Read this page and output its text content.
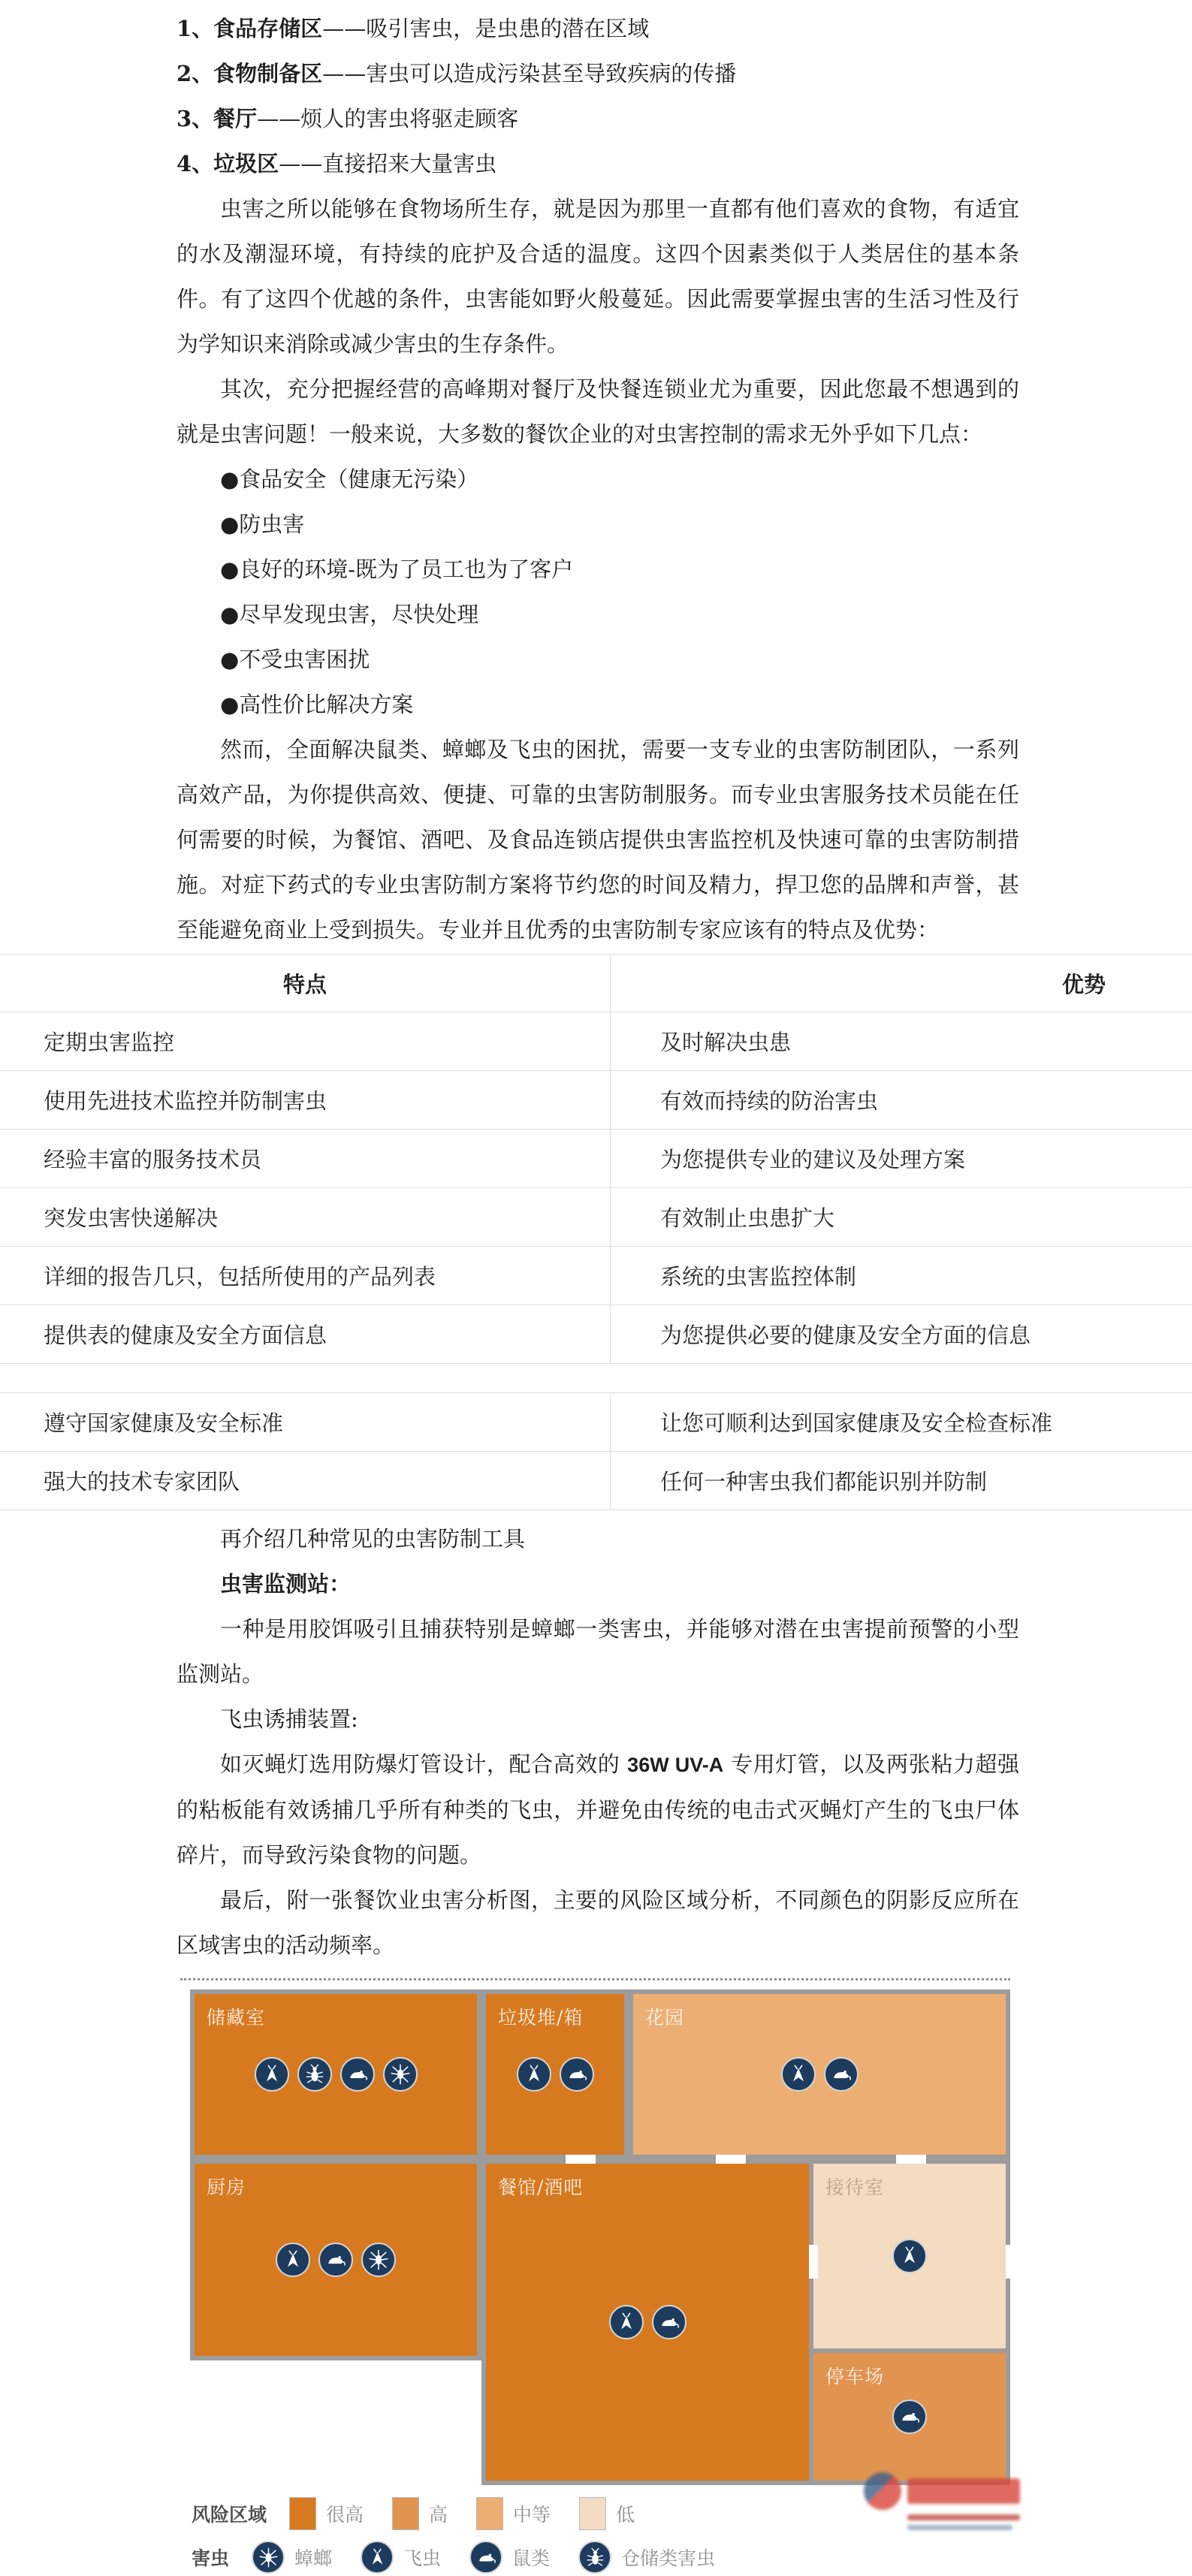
1、食品存储区——吸引害虫，是虫患的潜在区域
2、食物制备区——害虫可以造成污染甚至导致疾病的传播
3、餐厅——烦人的害虫将驱走顾客
4、垃圾区——直接招来大量害虫

虫害之所以能够在食物场所生存，就是因为那里一直都有他们喜欢的食物，有适宜的水及潮湿环境，有持续的庇护及合适的温度。这四个因素类似于人类居住的基本条件。有了这四个优越的条件，虫害能如野火般蔓延。因此需要掌握虫害的生活习性及行为学知识来消除或减少害虫的生存条件。

其次，充分把握经营的高峰期对餐厅及快餐连锁业尤为重要，因此您最不想遇到的就是虫害问题！一般来说，大多数的餐饮企业的对虫害控制的需求无外乎如下几点：

●食品安全（健康无污染）
●防虫害
●良好的环境-既为了员工也为了客户
●尽早发现虫害，尽快处理
●不受虫害困扰
●高性价比解决方案

然而，全面解决鼠类、蟑螂及飞虫的困扰，需要一支专业的虫害防制团队，一系列高效产品，为你提供高效、便捷、可靠的虫害防制服务。而专业虫害服务技术员能在任何需要的时候，为餐馆、酒吧、及食品连锁店提供虫害监控机及快速可靠的虫害防制措施。对症下药式的专业虫害防制方案将节约您的时间及精力，捍卫您的品牌和声誉，甚至能避免商业上受到损失。专业并且优秀的虫害防制专家应该有的特点及优势：

特点	优势
定期虫害监控	及时解决虫患
使用先进技术监控并防制害虫	有效而持续的防治害虫
经验丰富的服务技术员	为您提供专业的建议及处理方案
突发虫害快递解决	有效制止虫患扩大
详细的报告几只，包括所使用的产品列表	系统的虫害监控体制
提供表的健康及安全方面信息	为您提供必要的健康及安全方面的信息
遵守国家健康及安全标准	让您可顺利达到国家健康及安全检查标准
强大的技术专家团队	任何一种害虫我们都能识别并防制

再介绍几种常见的虫害防制工具

虫害监测站：

一种是用胶饵吸引且捕获特别是蟑螂一类害虫，并能够对潜在虫害提前预警的小型监测站。

飞虫诱捕装置:

如灭蝇灯选用防爆灯管设计，配合高效的 36W UV-A 专用灯管，以及两张粘力超强的粘板能有效诱捕几乎所有种类的飞虫，并避免由传统的电击式灭蝇灯产生的飞虫尸体碎片，而导致污染食物的问题。

最后，附一张餐饮业虫害分析图，主要的风险区域分析，不同颜色的阴影反应所在区域害虫的活动频率。

储藏室	垃圾堆/箱	花园
厨房	餐馆/酒吧	接待室
停车场
风险区域	很高	高	中等	低
害虫	蟑螂	飞虫	鼠类	仓储类害虫
